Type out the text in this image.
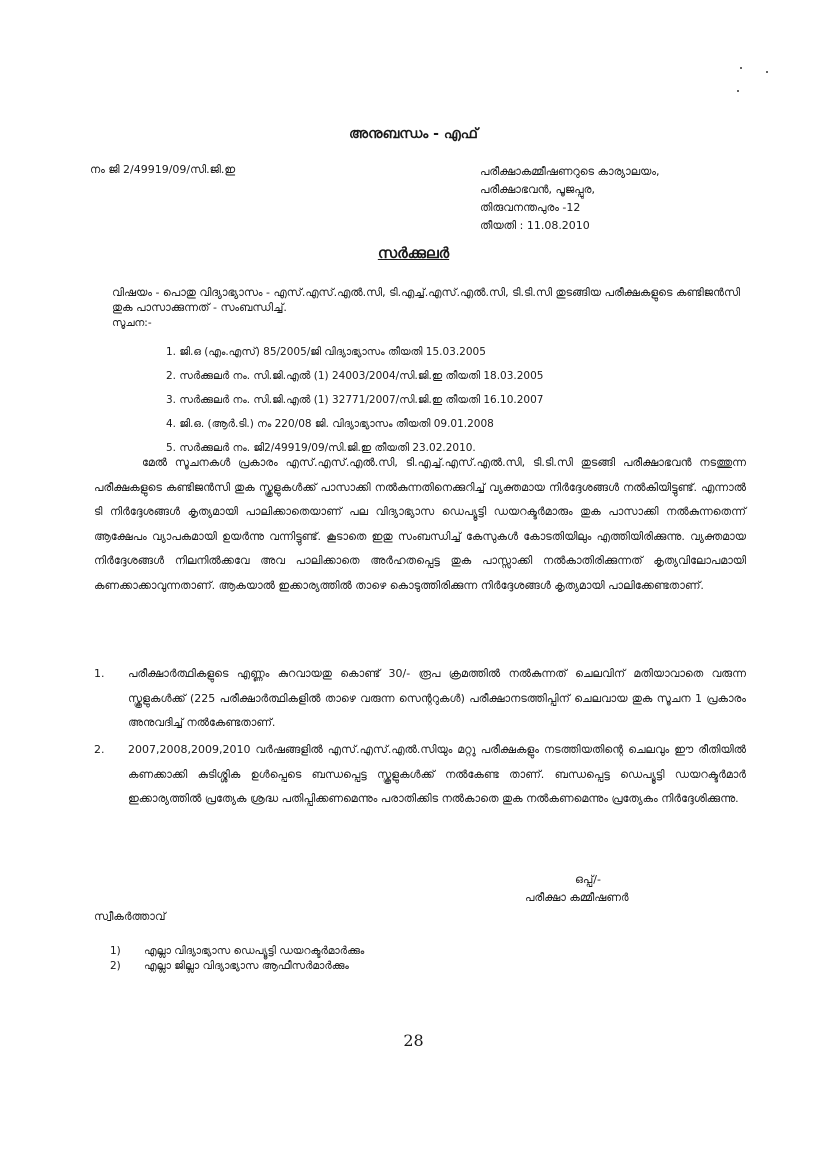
അനുബന്ധം - എഫ്
നം ജി 2/49919/09/സി.ജി.ഇ	പരീക്ഷാകമ്മീഷണറുടെ കാര്യാലയം,
പരീക്ഷാഭവൻ, പൂജപ്പുര,
തിരുവനന്തപുരം -12
തീയതി : 11.08.2010
സർക്കുലർ
വിഷയം - പൊതു വിദ്യാഭ്യാസം - എസ്.എസ്.എൽ.സി, ടി.എച്ച്.എസ്.എൽ.സി, ടി.ടി.സി തുടങ്ങിയ പരീക്ഷകളുടെ കണ്ടിജൻസി തുക പാസാക്കുന്നത് - സംബന്ധിച്ച്.
സൂചന:-
1. ജി.ഒ (എം.എസ്) 85/2005/ജി വിദ്യാഭ്യാസം തീയതി 15.03.2005
2. സർക്കുലർ നം. സി.ജി.എൽ (1) 24003/2004/സി.ജി.ഇ തീയതി 18.03.2005
3. സർക്കുലർ നം. സി.ജി.എൽ (1) 32771/2007/സി.ജി.ഇ തീയതി 16.10.2007
4. ജി.ഒ. (ആർ.ടി.) നം 220/08 ജി. വിദ്യാഭ്യാസം തീയതി 09.01.2008
5. സർക്കുലർ നം. ജി2/49919/09/സി.ജി.ഇ തീയതി 23.02.2010.
മേൽ സൂചനകൾ പ്രകാരം എസ്.എസ്.എൽ.സി, ടി.എച്ച്.എസ്.എൽ.സി, ടി.ടി.സി തുടങ്ങി പരീക്ഷാഭവൻ നടത്തുന്ന പരീക്ഷകളുടെ കണ്ടിജൻസി തുക സ്കൂളുകൾക്ക് പാസാക്കി നൽകുന്നതിനെക്കുറിച്ച് വ്യക്തമായ നിർദ്ദേശങ്ങൾ നൽകിയിട്ടുണ്ട്. എന്നാൽ ടി നിർദ്ദേശങ്ങൾ കൃത്യമായി പാലിക്കാതെയാണ് പല വിദ്യാഭ്യാസ ഡെപ്യൂട്ടി ഡയറക്ടർമാരും തുക പാസാക്കി നൽകുന്നതെന്ന് ആക്ഷേപം വ്യാപകമായി ഉയർന്നു വന്നിട്ടുണ്ട്. കൂടാതെ ഇതു സംബന്ധിച്ച് കേസുകൾ കോടതിയിലും എത്തിയിരിക്കുന്നു. വ്യക്തമായ നിർദ്ദേശങ്ങൾ നിലനിൽക്കവേ അവ പാലിക്കാതെ അർഹതപ്പെട്ട തുക പാസ്സാക്കി നൽകാതിരിക്കുന്നത് കൃത്യവിലോപമായി കണക്കാക്കാവുന്നതാണ്. ആകയാൽ ഇക്കാര്യത്തിൽ താഴെ കൊടുത്തിരിക്കുന്ന നിർദ്ദേശങ്ങൾ കൃത്യമായി പാലിക്കേണ്ടതാണ്.
1. പരീക്ഷാർത്ഥികളുടെ എണ്ണം കുറവായതു കൊണ്ട് 30/- രൂപ ക്രമത്തിൽ നൽകുന്നത് ചെലവിന് മതിയാവാതെ വരുന്ന സ്കൂളുകൾക്ക് (225 പരീക്ഷാർത്ഥികളിൽ താഴെ വരുന്ന സെന്ററുകൾ) പരീക്ഷാനടത്തിപ്പിന് ചെലവായ തുക സൂചന 1 പ്രകാരം അനുവദിച്ച് നൽകേണ്ടതാണ്.
2. 2007,2008,2009,2010 വർഷങ്ങളിൽ എസ്.എസ്.എൽ.സിയും മറ്റു പരീക്ഷകളും നടത്തിയതിന്റെ ചെലവും ഈ രീതിയിൽ കണക്കാക്കി കുടിശ്ശിക ഉൾപ്പെടെ ബന്ധപ്പെട്ട സ്കൂളുകൾക്ക് നൽകേണ്ട താണ്. ബന്ധപ്പെട്ട ഡെപ്യൂട്ടി ഡയറക്ടർമാർ ഇക്കാര്യത്തിൽ പ്രത്യേക ശ്രദ്ധ പതിപ്പിക്കണമെന്നും പരാതിക്കിട നൽകാതെ തുക നൽകണമെന്നും പ്രത്യേകം നിർദ്ദേശിക്കുന്നു.
ഒപ്പ്/-
പരീക്ഷാ കമ്മീഷണർ
സ്വീകർത്താവ്
1)	എല്ലാ വിദ്യാഭ്യാസ ഡെപ്യൂട്ടി ഡയറക്ടർമാർക്കും
2)	എല്ലാ ജില്ലാ വിദ്യാഭ്യാസ ആഫീസർമാർക്കും
28
